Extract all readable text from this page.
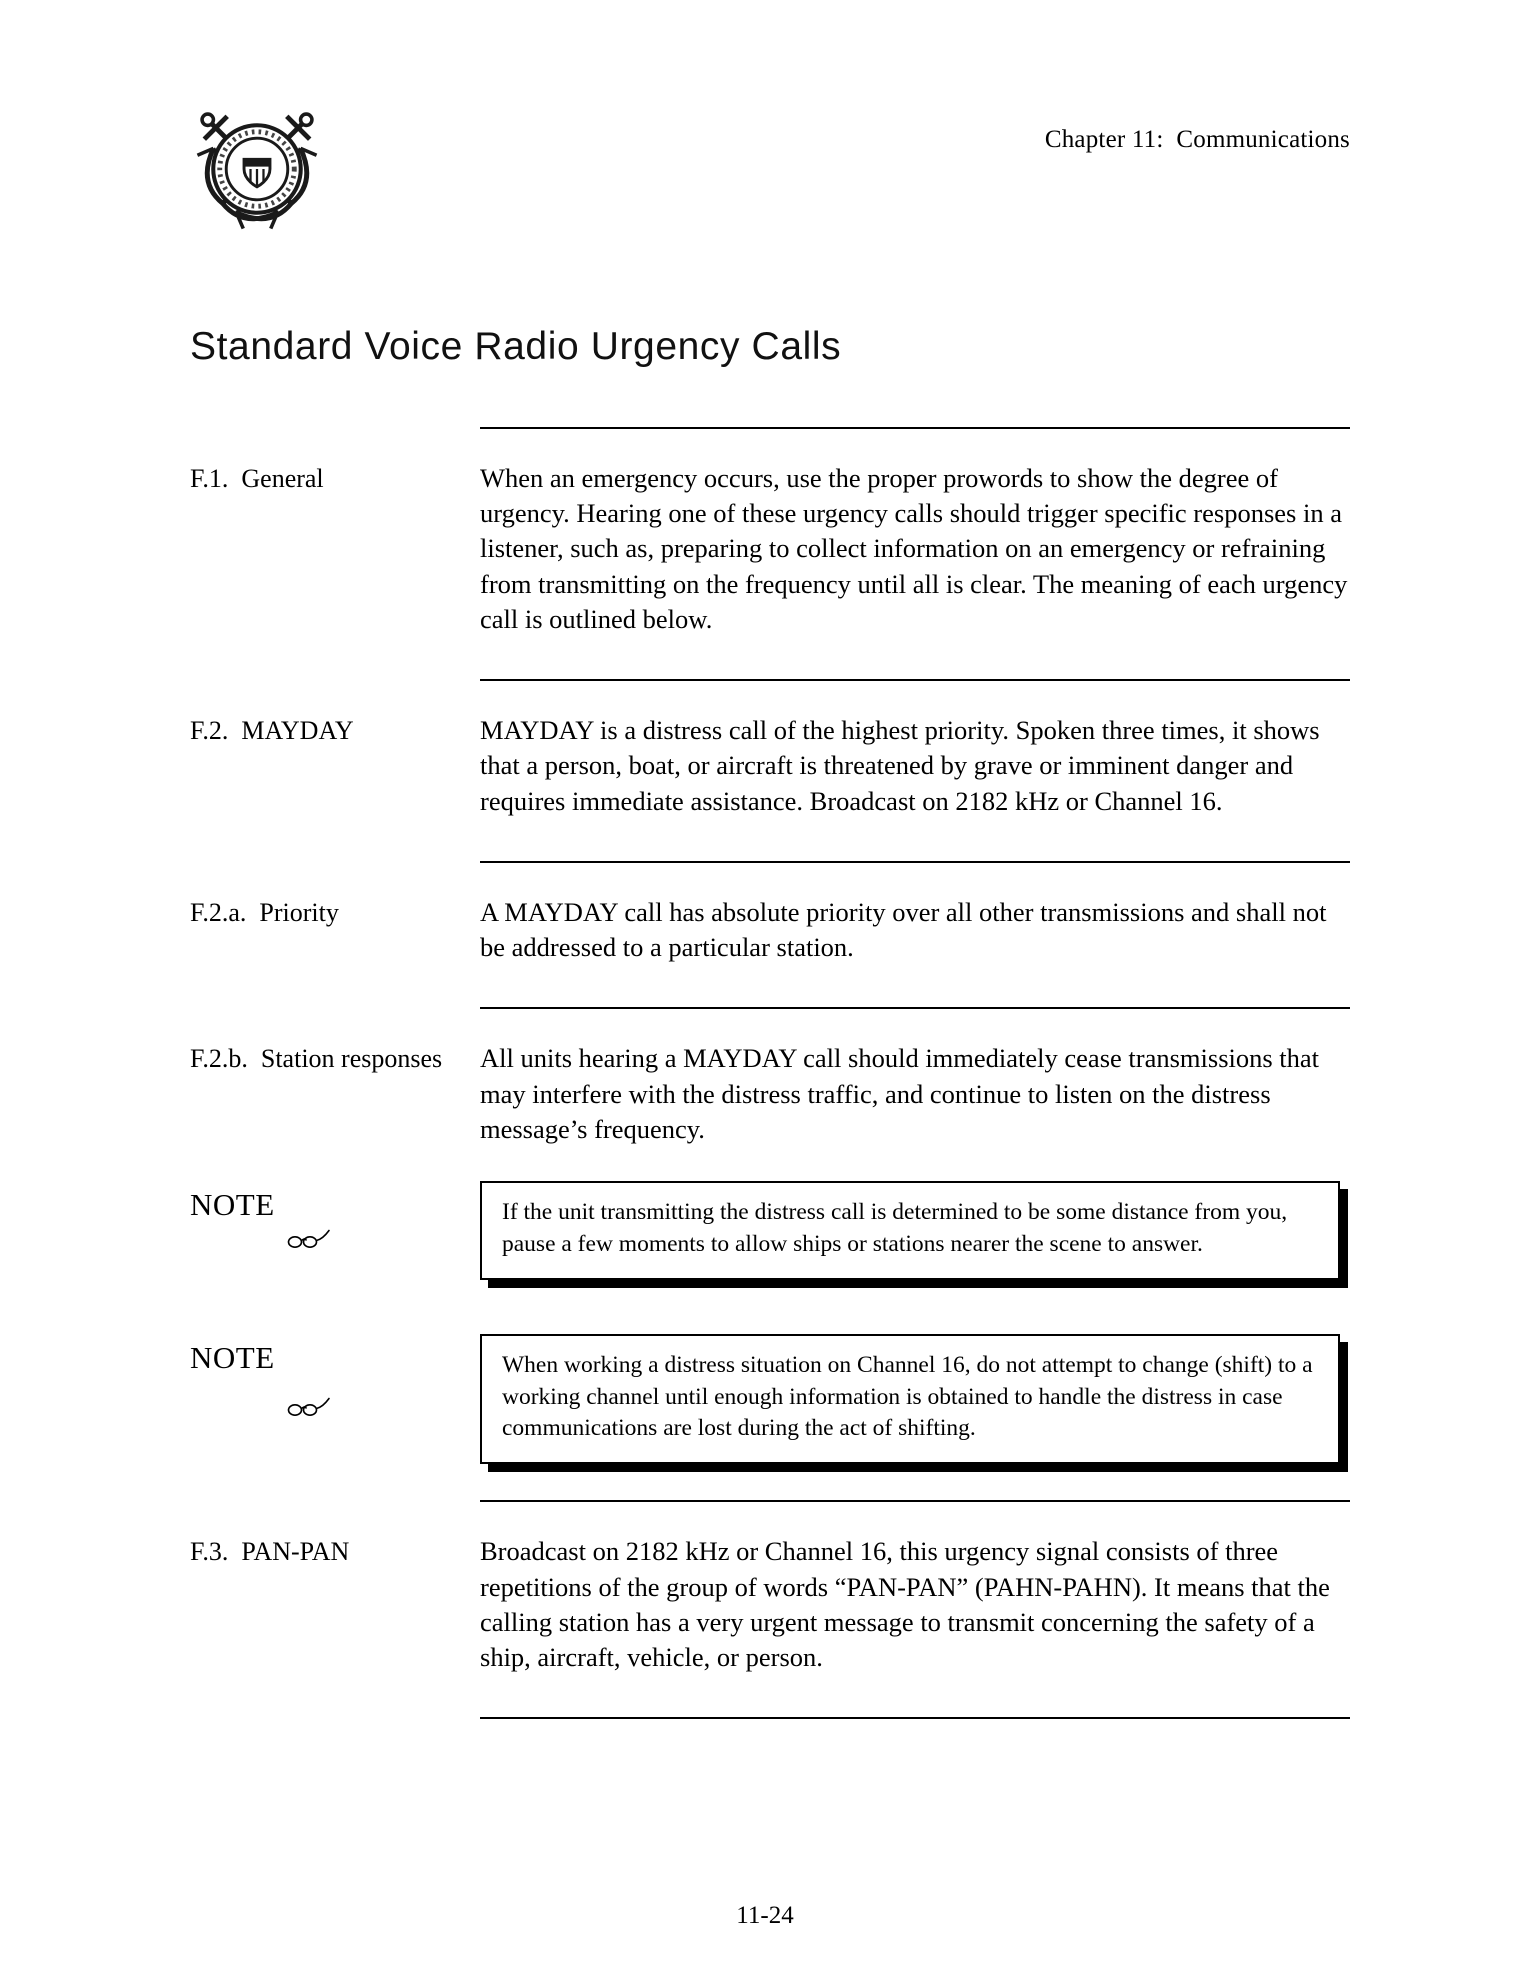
Chapter 11:  Communications
Standard Voice Radio Urgency Calls
F.1.  General	When an emergency occurs, use the proper prowords to show the degree of urgency. Hearing one of these urgency calls should trigger specific responses in a listener, such as, preparing to collect information on an emergency or refraining from transmitting on the frequency until all is clear. The meaning of each urgency call is outlined below.
F.2.  MAYDAY	MAYDAY is a distress call of the highest priority. Spoken three times, it shows that a person, boat, or aircraft is threatened by grave or imminent danger and requires immediate assistance. Broadcast on 2182 kHz or Channel 16.
F.2.a.  Priority	A MAYDAY call has absolute priority over all other transmissions and shall not be addressed to a particular station.
F.2.b.  Station responses	All units hearing a MAYDAY call should immediately cease transmissions that may interfere with the distress traffic, and continue to listen on the distress message’s frequency.
NOTE	If the unit transmitting the distress call is determined to be some distance from you, pause a few moments to allow ships or stations nearer the scene to answer.
NOTE	When working a distress situation on Channel 16, do not attempt to change (shift) to a working channel until enough information is obtained to handle the distress in case communications are lost during the act of shifting.
F.3.  PAN-PAN	Broadcast on 2182 kHz or Channel 16, this urgency signal consists of three repetitions of the group of words “PAN-PAN” (PAHN-PAHN). It means that the calling station has a very urgent message to transmit concerning the safety of a ship, aircraft, vehicle, or person.
11-24
